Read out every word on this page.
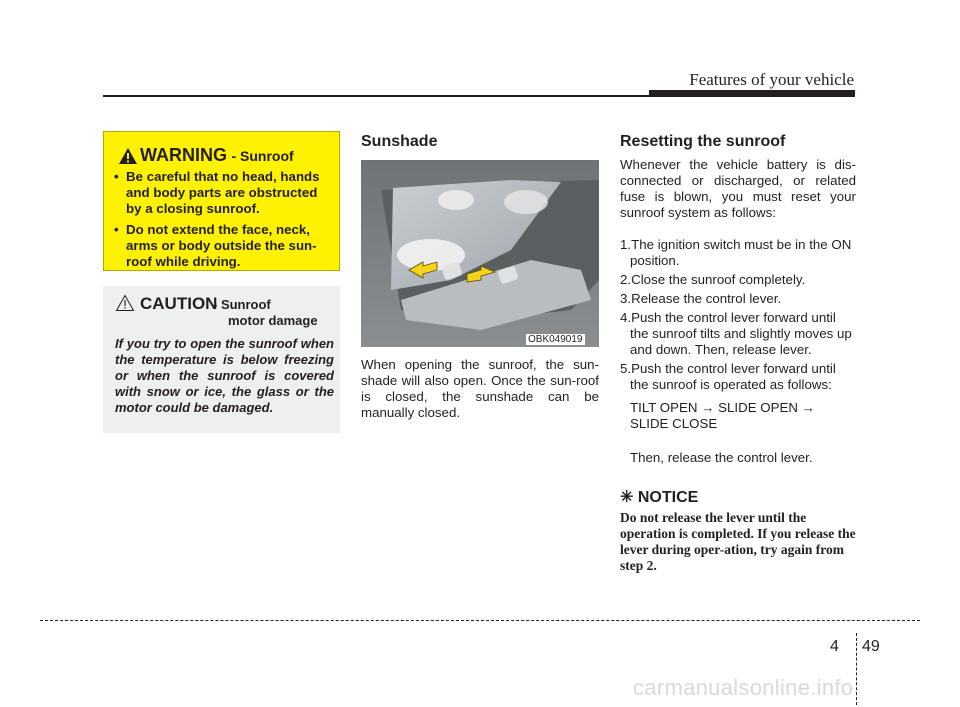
Features of your vehicle
WARNING - Sunroof
• Be careful that no head, hands and body parts are obstructed by a closing sunroof.
• Do not extend the face, neck, arms or body outside the sun-roof while driving.
CAUTION
- Sunroof
motor damage
If you try to open the sunroof when the temperature is below freezing or when the sunroof is covered with snow or ice, the glass or the motor could be damaged.
Sunshade
OBK049019
When opening the sunroof, the sun-shade will also open. Once the sun-roof is closed, the sunshade can be manually closed.
Resetting the sunroof
Whenever the vehicle battery is dis-connected or discharged, or related fuse is blown, you must reset your sunroof system as follows:
1.The ignition switch must be in the ON position.
2.Close the sunroof completely.
3.Release the control lever.
4.Push the control lever forward until the sunroof tilts and slightly moves up and down. Then, release lever.
5.Push the control lever forward until the sunroof is operated as follows:
TILT OPEN → SLIDE OPEN →
SLIDE CLOSE
Then, release the control lever.
✳ NOTICE
Do not release the lever until the operation is completed. If you release the lever during oper-ation, try again from step 2.
4 49
carmanualsonline.info
